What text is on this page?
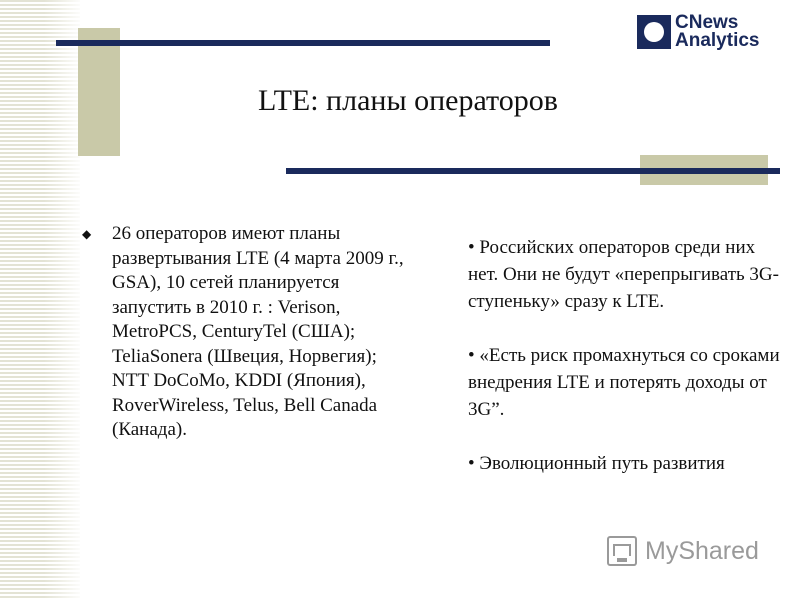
CNews
Analytics
LTE: планы операторов
◆	26 операторов имеют планы развертывания LTE (4 марта 2009 г., GSA), 10 сетей планируется запустить в 2010 г. : Verison, MetroPCS, CenturyTel (США); TeliaSonera (Швеция, Норвегия); NTT DoCoMo, KDDI (Япония), RoverWireless, Telus, Bell Canada (Канада).

• Российских операторов среди них нет. Они не будут «перепрыгивать 3G-ступеньку» сразу к LTE.

• «Есть риск промахнуться со сроками внедрения LTE и потерять доходы от 3G”.

• Эволюционный путь развития

MyShared
